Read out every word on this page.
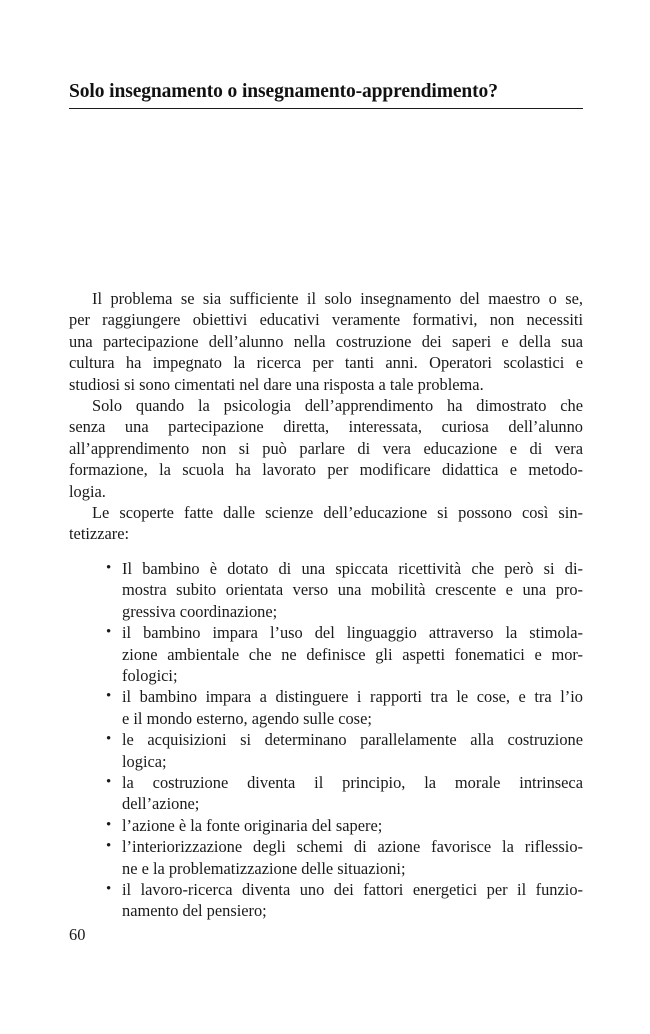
Solo insegnamento o insegnamento-apprendimento?

Il problema se sia sufficiente il solo insegnamento del maestro o se,
per raggiungere obiettivi educativi veramente formativi, non necessiti
una partecipazione dell’alunno nella costruzione dei saperi e della sua
cultura ha impegnato la ricerca per tanti anni. Operatori scolastici e
studiosi si sono cimentati nel dare una risposta a tale problema.

Solo quando la psicologia dell’apprendimento ha dimostrato che
senza una partecipazione diretta, interessata, curiosa dell’alunno
all’apprendimento non si può parlare di vera educazione e di vera
formazione, la scuola ha lavorato per modificare didattica e metodo-
logia.

Le scoperte fatte dalle scienze dell’educazione si possono così sin-
tetizzare:

• Il bambino è dotato di una spiccata ricettività che però si di-
mostra subito orientata verso una mobilità crescente e una pro-
gressiva coordinazione;
• il bambino impara l’uso del linguaggio attraverso la stimola-
zione ambientale che ne definisce gli aspetti fonematici e mor-
fologici;
• il bambino impara a distinguere i rapporti tra le cose, e tra l’io
e il mondo esterno, agendo sulle cose;
• le acquisizioni si determinano parallelamente alla costruzione
logica;
• la costruzione diventa il principio, la morale intrinseca
dell’azione;
• l’azione è la fonte originaria del sapere;
• l’interiorizzazione degli schemi di azione favorisce la riflessio-
ne e la problematizzazione delle situazioni;
• il lavoro-ricerca diventa uno dei fattori energetici per il funzio-
namento del pensiero;
60
